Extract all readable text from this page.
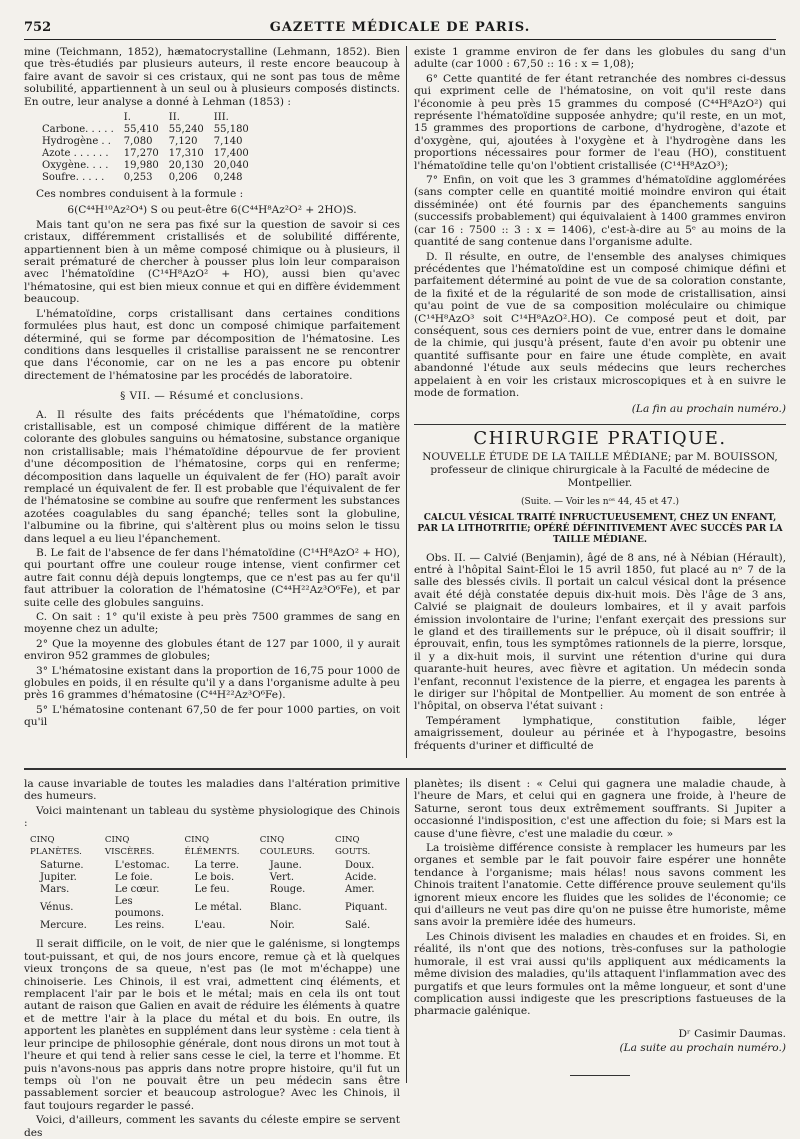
752	GAZETTE MÉDICALE DE PARIS.

mine (Teichmann, 1852), hæmatocrystalline (Lehmann, 1852). Bien que très-étudiés par plusieurs auteurs, il reste encore beaucoup à faire avant de savoir si ces cristaux, qui ne sont pas tous de même solubilité, appartiennent à un seul ou à plusieurs composés distincts. En outre, leur analyse a donné à Lehman (1853) :

	I.	II.	III.
Carbone. . . . .	55,410	55,240	55,180
Hydrogène . .	7,080	7,120	7,140
Azote . . . . . .	17,270	17,310	17,400
Oxygène. . . .	19,980	20,130	20,040
Soufre. . . . .	0,253	0,206	0,248

Ces nombres conduisent à la formule :

6(C⁴⁴H¹⁰Az²O⁴) S ou peut-être 6(C⁴⁴H⁸Az²O² + 2HO)S.

Mais tant qu'on ne sera pas fixé sur la question de savoir si ces cristaux, différemment cristallisés et de solubilité différente, appartiennent bien à un même composé chimique ou à plusieurs, il serait prématuré de chercher à pousser plus loin leur comparaison avec l'hématoïdine (C¹⁴H⁸AzO² + HO), aussi bien qu'avec l'hématosine, qui est bien mieux connue et qui en diffère évidemment beaucoup.

L'hématoïdine, corps cristallisant dans certaines conditions formulées plus haut, est donc un composé chimique parfaitement déterminé, qui se forme par décomposition de l'hématosine. Les conditions dans lesquelles il cristallise paraissent ne se rencontrer que dans l'économie, car on ne les a pas encore pu obtenir directement de l'hématosine par les procédés de laboratoire.

§ VII. — Résumé et conclusions.

A. Il résulte des faits précédents que l'hématoïdine, corps cristallisable, est un composé chimique différent de la matière colorante des globules sanguins ou hématosine, substance organique non cristallisable; mais l'hématoïdine dépourvue de fer provient d'une décomposition de l'hématosine, corps qui en renferme; décomposition dans laquelle un équivalent de fer (HO) paraît avoir remplacé un équivalent de fer. Il est probable que l'équivalent de fer de l'hématosine se combine au soufre que renferment les substances azotées coagulables du sang épanché; telles sont la globuline, l'albumine ou la fibrine, qui s'altèrent plus ou moins selon le tissu dans lequel a eu lieu l'épanchement.

B. Le fait de l'absence de fer dans l'hématoïdine (C¹⁴H⁸AzO² + HO), qui pourtant offre une couleur rouge intense, vient confirmer cet autre fait connu déjà depuis longtemps, que ce n'est pas au fer qu'il faut attribuer la coloration de l'hématosine (C⁴⁴H²²Az³O⁶Fe), et par suite celle des globules sanguins.

C. On sait : 1° qu'il existe à peu près 7500 grammes de sang en moyenne chez un adulte;

2° Que la moyenne des globules étant de 127 par 1000, il y aurait environ 952 grammes de globules;

3° L'hématosine existant dans la proportion de 16,75 pour 1000 de globules en poids, il en résulte qu'il y a dans l'organisme adulte à peu près 16 grammes d'hématosine (C⁴⁴H²²Az³O⁶Fe).

5° L'hématosine contenant 67,50 de fer pour 1000 parties, on voit qu'il

existe 1 gramme environ de fer dans les globules du sang d'un adulte (car 1000 : 67,50 :: 16 : x = 1,08);

6° Cette quantité de fer étant retranchée des nombres ci-dessus qui expriment celle de l'hématosine, on voit qu'il reste dans l'économie à peu près 15 grammes du composé (C⁴⁴H⁸AzO²) qui représente l'hématoïdine supposée anhydre; qu'il reste, en un mot, 15 grammes des proportions de carbone, d'hydrogène, d'azote et d'oxygène, qui, ajoutées à l'oxygène et à l'hydrogène dans les proportions nécessaires pour former de l'eau (HO), constituent l'hématoïdine telle qu'on l'obtient cristallisée (C¹⁴H⁸AzO³);

7° Enfin, on voit que les 3 grammes d'hématoïdine agglomérées (sans compter celle en quantité moitié moindre environ qui était disséminée) ont été fournis par des épanchements sanguins (successifs probablement) qui équivalaient à 1400 grammes environ (car 16 : 7500 :: 3 : x = 1406), c'est-à-dire au 5ᵉ au moins de la quantité de sang contenue dans l'organisme adulte.

D. Il résulte, en outre, de l'ensemble des analyses chimiques précédentes que l'hématoïdine est un composé chimique défini et parfaitement déterminé au point de vue de sa coloration constante, de la fixité et de la régularité de son mode de cristallisation, ainsi qu'au point de vue de sa composition moléculaire ou chimique (C¹⁴H⁸AzO³ soit C¹⁴H⁸AzO².HO). Ce composé peut et doit, par conséquent, sous ces derniers point de vue, entrer dans le domaine de la chimie, qui jusqu'à présent, faute d'en avoir pu obtenir une quantité suffisante pour en faire une étude complète, en avait abandonné l'étude aux seuls médecins que leurs recherches appelaient à en voir les cristaux microscopiques et à en suivre le mode de formation.

(La fin au prochain numéro.)

CHIRURGIE PRATIQUE.
NOUVELLE ÉTUDE DE LA TAILLE MÉDIANE; par M. BOUISSON, professeur de clinique chirurgicale à la Faculté de médecine de Montpellier.
(Suite. — Voir les nᵒˢ 44, 45 et 47.)
CALCUL VÉSICAL TRAITÉ INFRUCTUEUSEMENT, CHEZ UN ENFANT, PAR LA LITHOTRITIE; OPÉRÉ DÉFINITIVEMENT AVEC SUCCÈS PAR LA TAILLE MÉDIANE.

Obs. II. — Calvié (Benjamin), âgé de 8 ans, né à Nébian (Hérault), entré à l'hôpital Saint-Éloi le 15 avril 1850, fut placé au nᵒ 7 de la salle des blessés civils. Il portait un calcul vésical dont la présence avait été déjà constatée depuis dix-huit mois. Dès l'âge de 3 ans, Calvié se plaignait de douleurs lombaires, et il y avait parfois émission involontaire de l'urine; l'enfant exerçait des pressions sur le gland et des tiraillements sur le prépuce, où il disait souffrir; il éprouvait, enfin, tous les symptômes rationnels de la pierre, lorsque, il y a dix-huit mois, il survint une rétention d'urine qui dura quarante-huit heures, avec fièvre et agitation. Un médecin sonda l'enfant, reconnut l'existence de la pierre, et engagea les parents à le diriger sur l'hôpital de Montpellier. Au moment de son entrée à l'hôpital, on observa l'état suivant :

Tempérament lymphatique, constitution faible, léger amaigrissement, douleur au périnée et à l'hypogastre, besoins fréquents d'uriner et difficulté de

la cause invariable de toutes les maladies dans l'altération primitive des humeurs.

Voici maintenant un tableau du système physiologique des Chinois :

CINQ PLANÈTES.	CINQ VISCÈRES.	CINQ ÉLÉMENTS.	CINQ COULEURS.	CINQ GOUTS.
Saturne.	L'estomac.	La terre.	Jaune.	Doux.
Jupiter.	Le foie.	Le bois.	Vert.	Acide.
Mars.	Le cœur.	Le feu.	Rouge.	Amer.
Vénus.	Les poumons.	Le métal.	Blanc.	Piquant.
Mercure.	Les reins.	L'eau.	Noir.	Salé.

Il serait difficile, on le voit, de nier que le galénisme, si longtemps tout-puissant, et qui, de nos jours encore, remue çà et là quelques vieux tronçons de sa queue, n'est pas (le mot m'échappe) une chinoiserie. Les Chinois, il est vrai, admettent cinq éléments, et remplacent l'air par le bois et le métal; mais en cela ils ont tout autant de raison que Galien en avait de réduire les éléments à quatre et de mettre l'air à la place du métal et du bois. En outre, ils apportent les planètes en supplément dans leur système : cela tient à leur principe de philosophie générale, dont nous dirons un mot tout à l'heure et qui tend à relier sans cesse le ciel, la terre et l'homme. Et puis n'avons-nous pas appris dans notre propre histoire, qu'il fut un temps où l'on ne pouvait être un peu médecin sans être passablement sorcier et beaucoup astrologue? Avec les Chinois, il faut toujours regarder le passé.

Voici, d'ailleurs, comment les savants du céleste empire se servent des

planètes; ils disent : « Celui qui gagnera une maladie chaude, à l'heure de Mars, et celui qui en gagnera une froide, à l'heure de Saturne, seront tous deux extrêmement souffrants. Si Jupiter a occasionné l'indisposition, c'est une affection du foie; si Mars est la cause d'une fièvre, c'est une maladie du cœur. »

La troisième différence consiste à remplacer les humeurs par les organes et semble par le fait pouvoir faire espérer une honnête tendance à l'organisme; mais hélas! nous savons comment les Chinois traitent l'anatomie. Cette différence prouve seulement qu'ils ignorent mieux encore les fluides que les solides de l'économie; ce qui d'ailleurs ne veut pas dire qu'on ne puisse être humoriste, même sans avoir la première idée des humeurs.

Les Chinois divisent les maladies en chaudes et en froides. Si, en réalité, ils n'ont que des notions, très-confuses sur la pathologie humorale, il est vrai aussi qu'ils appliquent aux médicaments la même division des maladies, qu'ils attaquent l'inflammation avec des purgatifs et que leurs formules ont la même longueur, et sont d'une complication aussi indigeste que les prescriptions fastueuses de la pharmacie galénique.

Dʳ Casimir Daumas.

(La suite au prochain numéro.)
